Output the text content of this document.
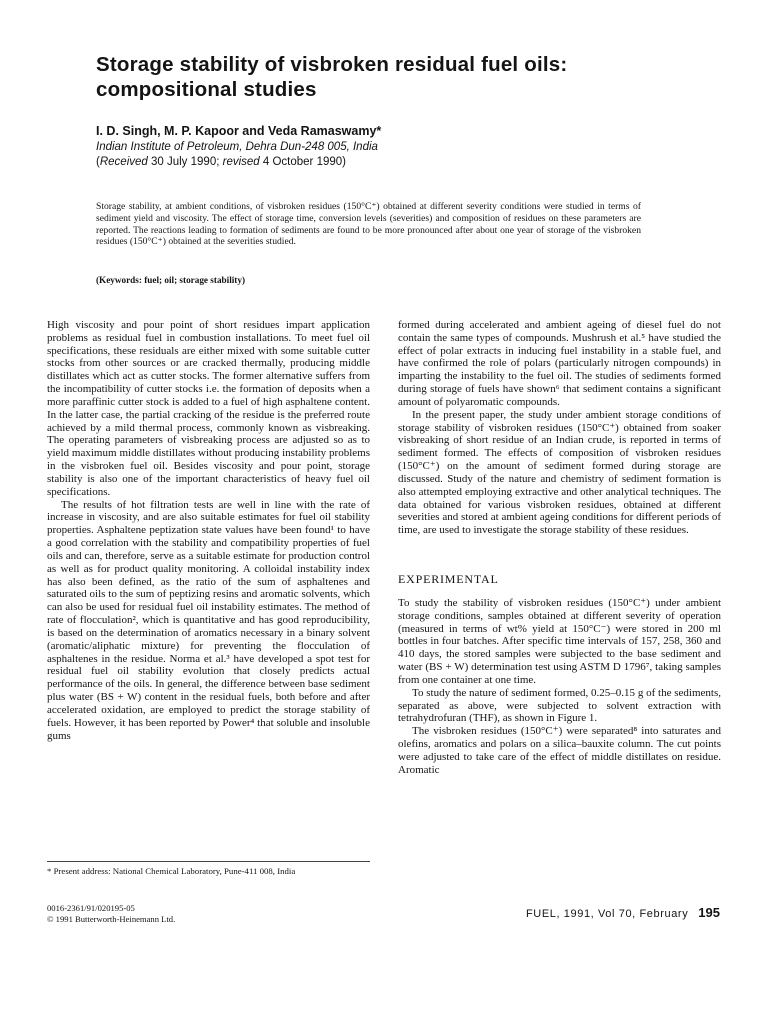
Storage stability of visbroken residual fuel oils: compositional studies

I. D. Singh, M. P. Kapoor and Veda Ramaswamy*

Indian Institute of Petroleum, Dehra Dun-248 005, India

(Received 30 July 1990; revised 4 October 1990)

Storage stability, at ambient conditions, of visbroken residues (150°C⁺) obtained at different severity conditions were studied in terms of sediment yield and viscosity. The effect of storage time, conversion levels (severities) and composition of residues on these parameters are reported. The reactions leading to formation of sediments are found to be more pronounced after about one year of storage of the visbroken residues (150°C⁺) obtained at the severities studied.

(Keywords: fuel; oil; storage stability)

High viscosity and pour point of short residues impart application problems as residual fuel in combustion installations. To meet fuel oil specifications, these residuals are either mixed with some suitable cutter stocks from other sources or are cracked thermally, producing middle distillates which act as cutter stocks. The former alternative suffers from the incompatibility of cutter stocks i.e. the formation of deposits when a more paraffinic cutter stock is added to a fuel of high asphaltene content. In the latter case, the partial cracking of the residue is the preferred route achieved by a mild thermal process, commonly known as visbreaking. The operating parameters of visbreaking process are adjusted so as to yield maximum middle distillates without producing instability problems in the visbroken fuel oil. Besides viscosity and pour point, storage stability is also one of the important characteristics of heavy fuel oil specifications.

The results of hot filtration tests are well in line with the rate of increase in viscosity, and are also suitable estimates for fuel oil stability properties. Asphaltene peptization state values have been found¹ to have a good correlation with the stability and compatibility properties of fuel oils and can, therefore, serve as a suitable estimate for production control as well as for product quality monitoring. A colloidal instability index has also been defined, as the ratio of the sum of asphaltenes and saturated oils to the sum of peptizing resins and aromatic solvents, which can also be used for residual fuel oil instability estimates. The method of rate of flocculation², which is quantitative and has good reproducibility, is based on the determination of aromatics necessary in a binary solvent (aromatic/aliphatic mixture) for preventing the flocculation of asphaltenes in the residue. Norma et al.³ have developed a spot test for residual fuel oil stability evolution that closely predicts actual performance of the oils. In general, the difference between base sediment plus water (BS + W) content in the residual fuels, both before and after accelerated oxidation, are employed to predict the storage stability of fuels. However, it has been reported by Power⁴ that soluble and insoluble gums

formed during accelerated and ambient ageing of diesel fuel do not contain the same types of compounds. Mushrush et al.⁵ have studied the effect of polar extracts in inducing fuel instability in a stable fuel, and have confirmed the role of polars (particularly nitrogen compounds) in imparting the instability to the fuel oil. The studies of sediments formed during storage of fuels have shown⁶ that sediment contains a significant amount of polyaromatic compounds.

In the present paper, the study under ambient storage conditions of storage stability of visbroken residues (150°C⁺) obtained from soaker visbreaking of short residue of an Indian crude, is reported in terms of sediment formed. The effects of composition of visbroken residues (150°C⁺) on the amount of sediment formed during storage are discussed. Study of the nature and chemistry of sediment formation is also attempted employing extractive and other analytical techniques. The data obtained for various visbroken residues, obtained at different severities and stored at ambient ageing conditions for different periods of time, are used to investigate the storage stability of these residues.

EXPERIMENTAL

To study the stability of visbroken residues (150°C⁺) under ambient storage conditions, samples obtained at different severity of operation (measured in terms of wt% yield at 150°C⁻) were stored in 200 ml bottles in four batches. After specific time intervals of 157, 258, 360 and 410 days, the stored samples were subjected to the base sediment and water (BS + W) determination test using ASTM D 1796⁷, taking samples from one container at one time.

To study the nature of sediment formed, 0.25–0.15 g of the sediments, separated as above, were subjected to solvent extraction with tetrahydrofuran (THF), as shown in Figure 1.

The visbroken residues (150°C⁺) were separated⁸ into saturates and olefins, aromatics and polars on a silica–bauxite column. The cut points were adjusted to take care of the effect of middle distillates on residue. Aromatic

* Present address: National Chemical Laboratory, Pune-411 008, India

0016-2361/91/020195-05
© 1991 Butterworth-Heinemann Ltd.	FUEL, 1991, Vol 70, February 195
